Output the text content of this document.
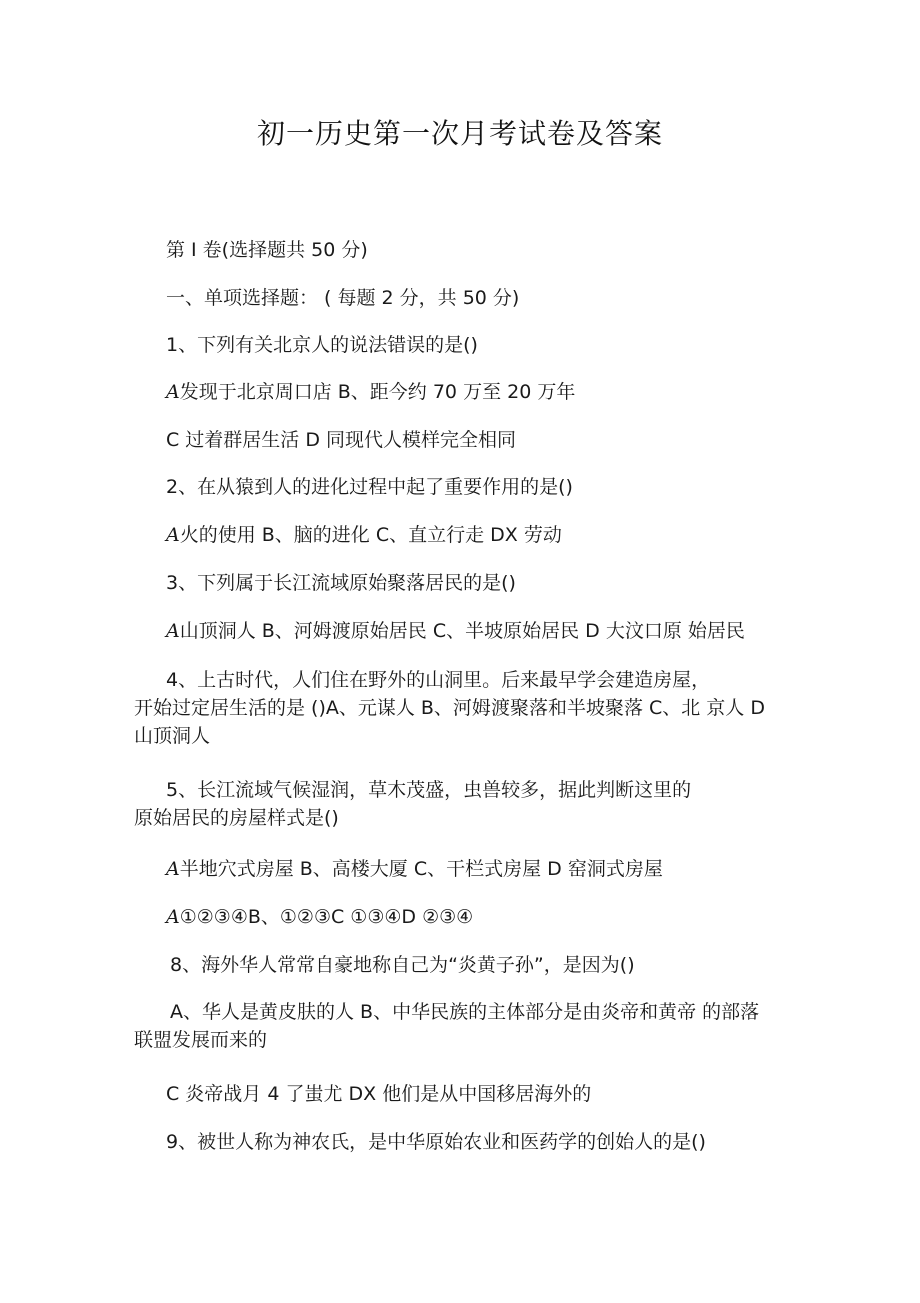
初一历史第一次月考试卷及答案
第 I 卷(选择题共 50 分)
一、单项选择题： ( 每题 2 分，共 50 分)
1、下列有关北京人的说法错误的是()
A发现于北京周口店 B、距今约 70 万至 20 万年
C 过着群居生活 D 同现代人模样完全相同
2、在从猿到人的进化过程中起了重要作用的是()
A火的使用 B、脑的进化 C、直立行走 DX 劳动
3、下列属于长江流域原始聚落居民的是()
A山顶洞人 B、河姆渡原始居民 C、半坡原始居民 D 大汶口原 始居民
4、上古时代，人们住在野外的山洞里。后来最早学会建造房屋，
开始过定居生活的是 ()A、元谋人 B、河姆渡聚落和半坡聚落 C、北 京人 D
山顶洞人
5、长江流域气候湿润，草木茂盛，虫兽较多，据此判断这里的
原始居民的房屋样式是()
A半地穴式房屋 B、高楼大厦 C、干栏式房屋 D 窑洞式房屋
A①②③④B、①②③C ①③④D ②③④
8、海外华人常常自豪地称自己为“炎黄子孙”，是因为()
A、华人是黄皮肤的人 B、中华民族的主体部分是由炎帝和黄帝 的部落
联盟发展而来的
C 炎帝战月 4 了蚩尤 DX 他们是从中国移居海外的
9、被世人称为神农氏，是中华原始农业和医药学的创始人的是()
